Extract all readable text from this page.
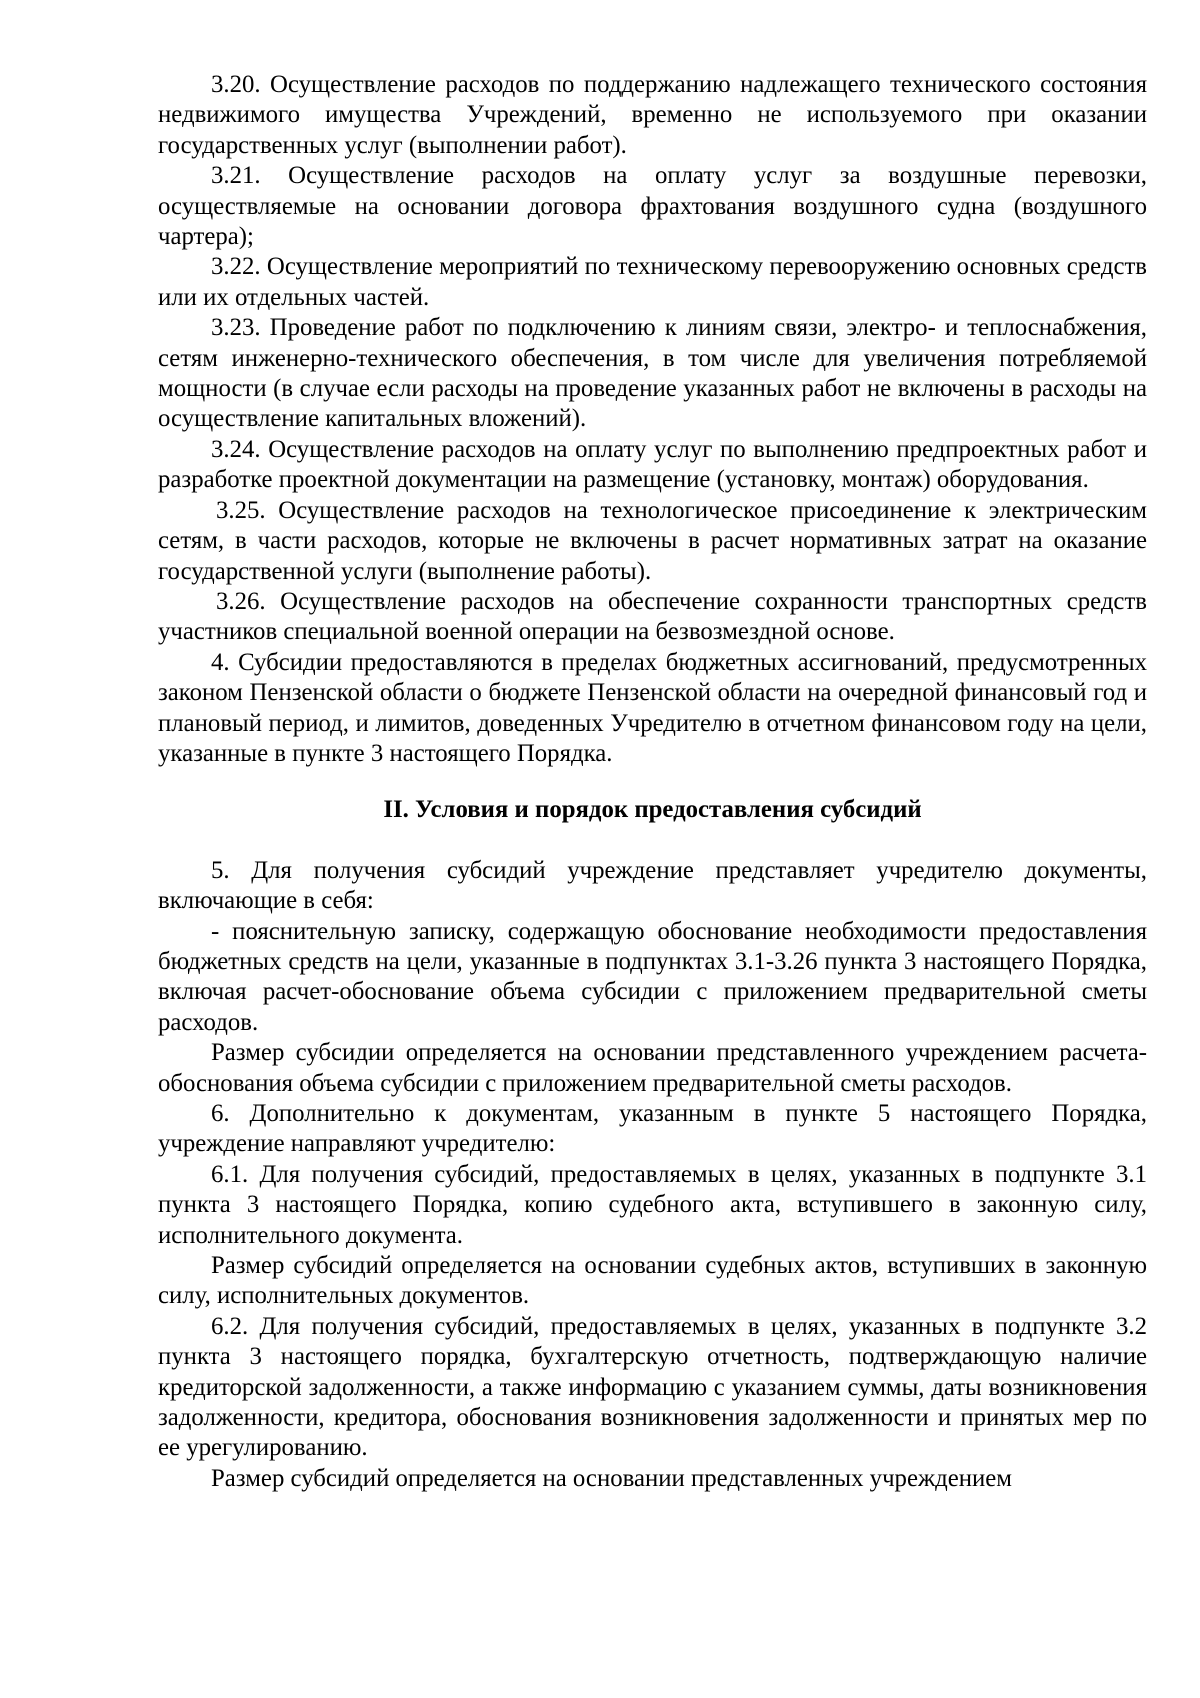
3.20. Осуществление расходов по поддержанию надлежащего технического состояния недвижимого имущества Учреждений, временно не используемого при оказании государственных услуг (выполнении работ).

3.21. Осуществление расходов на оплату услуг за воздушные перевозки, осуществляемые на основании договора фрахтования воздушного судна (воздушного чартера);

3.22. Осуществление мероприятий по техническому перевооружению основных средств или их отдельных частей.

3.23. Проведение работ по подключению к линиям связи, электро- и теплоснабжения, сетям инженерно-технического обеспечения, в том числе для увеличения потребляемой мощности (в случае если расходы на проведение указанных работ не включены в расходы на осуществление капитальных вложений).

3.24. Осуществление расходов на оплату услуг по выполнению предпроектных работ и разработке проектной документации на размещение (установку, монтаж) оборудования.

3.25. Осуществление расходов на технологическое присоединение к электрическим сетям, в части расходов, которые не включены в расчет нормативных затрат на оказание государственной услуги (выполнение работы).

3.26. Осуществление расходов на обеспечение сохранности транспортных средств участников специальной военной операции на безвозмездной основе.

4. Субсидии предоставляются в пределах бюджетных ассигнований, предусмотренных законом Пензенской области о бюджете Пензенской области на очередной финансовый год и плановый период, и лимитов, доведенных Учредителю в отчетном финансовом году на цели, указанные в пункте 3 настоящего Порядка.

II. Условия и порядок предоставления субсидий

5. Для получения субсидий учреждение представляет учредителю документы, включающие в себя:

- пояснительную записку, содержащую обоснование необходимости предоставления бюджетных средств на цели, указанные в подпунктах 3.1-3.26 пункта 3 настоящего Порядка, включая расчет-обоснование объема субсидии с приложением предварительной сметы расходов.

Размер субсидии определяется на основании представленного учреждением расчета-обоснования объема субсидии с приложением предварительной сметы расходов.

6. Дополнительно к документам, указанным в пункте 5 настоящего Порядка, учреждение направляют учредителю:

6.1. Для получения субсидий, предоставляемых в целях, указанных в подпункте 3.1 пункта 3 настоящего Порядка, копию судебного акта, вступившего в законную силу, исполнительного документа.

Размер субсидий определяется на основании судебных актов, вступивших в законную силу, исполнительных документов.

6.2. Для получения субсидий, предоставляемых в целях, указанных в подпункте 3.2 пункта 3 настоящего порядка, бухгалтерскую отчетность, подтверждающую наличие кредиторской задолженности, а также информацию с указанием суммы, даты возникновения задолженности, кредитора, обоснования возникновения задолженности и принятых мер по ее урегулированию.

Размер субсидий определяется на основании представленных учреждением
